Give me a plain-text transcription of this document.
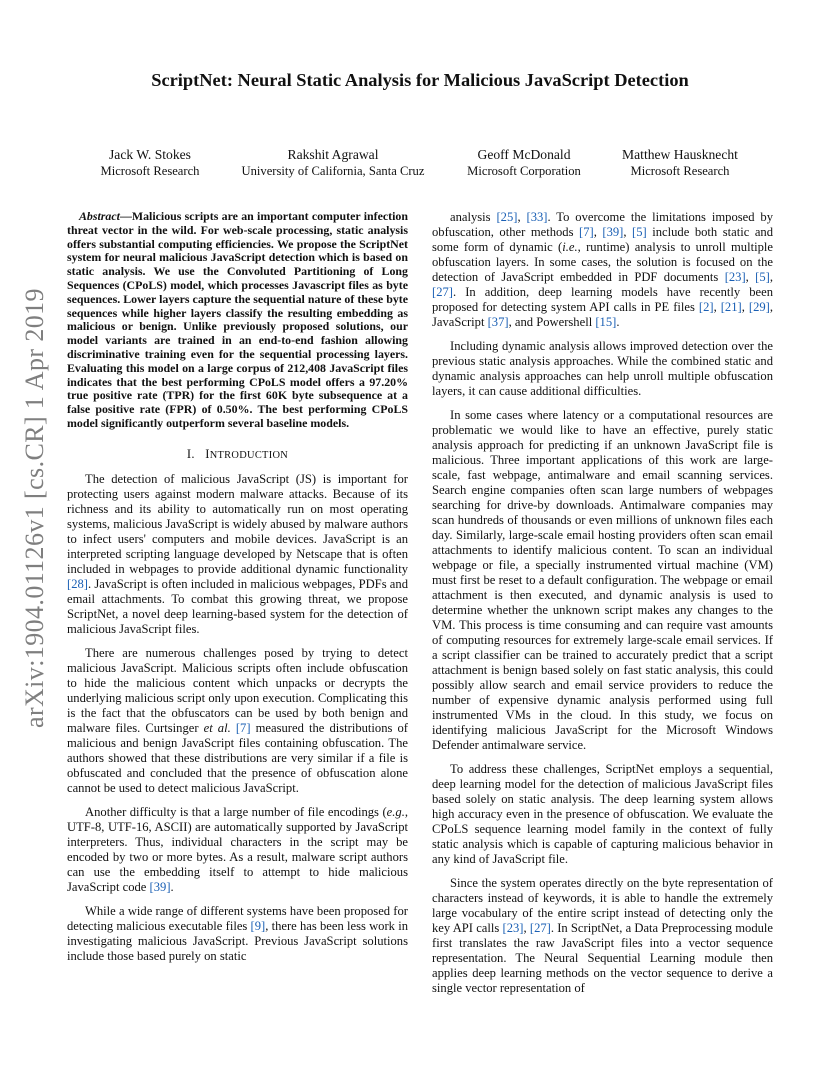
arXiv:1904.01126v1 [cs.CR] 1 Apr 2019
ScriptNet: Neural Static Analysis for Malicious JavaScript Detection
Jack W. Stokes
Microsoft Research
Rakshit Agrawal
University of California, Santa Cruz
Geoff McDonald
Microsoft Corporation
Matthew Hausknecht
Microsoft Research

Abstract—Malicious scripts are an important computer infection threat vector in the wild. For web-scale processing, static analysis offers substantial computing efficiencies. We propose the ScriptNet system for neural malicious JavaScript detection which is based on static analysis. We use the Convoluted Partitioning of Long Sequences (CPoLS) model, which processes Javascript files as byte sequences. Lower layers capture the sequential nature of these byte sequences while higher layers classify the resulting embedding as malicious or benign. Unlike previously proposed solutions, our model variants are trained in an end-to-end fashion allowing discriminative training even for the sequential processing layers. Evaluating this model on a large corpus of 212,408 JavaScript files indicates that the best performing CPoLS model offers a 97.20% true positive rate (TPR) for the first 60K byte subsequence at a false positive rate (FPR) of 0.50%. The best performing CPoLS model significantly outperform several baseline models.

I. INTRODUCTION

The detection of malicious JavaScript (JS) is important for protecting users against modern malware attacks. Because of its richness and its ability to automatically run on most operating systems, malicious JavaScript is widely abused by malware authors to infect users' computers and mobile devices. JavaScript is an interpreted scripting language developed by Netscape that is often included in webpages to provide additional dynamic functionality [28]. JavaScript is often included in malicious webpages, PDFs and email attachments. To combat this growing threat, we propose ScriptNet, a novel deep learning-based system for the detection of malicious JavaScript files.

There are numerous challenges posed by trying to detect malicious JavaScript. Malicious scripts often include obfuscation to hide the malicious content which unpacks or decrypts the underlying malicious script only upon execution. Complicating this is the fact that the obfuscators can be used by both benign and malware files. Curtsinger et al. [7] measured the distributions of malicious and benign JavaScript files containing obfuscation. The authors showed that these distributions are very similar if a file is obfuscated and concluded that the presence of obfuscation alone cannot be used to detect malicious JavaScript.

Another difficulty is that a large number of file encodings (e.g., UTF-8, UTF-16, ASCII) are automatically supported by JavaScript interpreters. Thus, individual characters in the script may be encoded by two or more bytes. As a result, malware script authors can use the embedding itself to attempt to hide malicious JavaScript code [39].

While a wide range of different systems have been proposed for detecting malicious executable files [9], there has been less work in investigating malicious JavaScript. Previous JavaScript solutions include those based purely on static

analysis [25], [33]. To overcome the limitations imposed by obfuscation, other methods [7], [39], [5] include both static and some form of dynamic (i.e., runtime) analysis to unroll multiple obfuscation layers. In some cases, the solution is focused on the detection of JavaScript embedded in PDF documents [23], [5], [27]. In addition, deep learning models have recently been proposed for detecting system API calls in PE files [2], [21], [29], JavaScript [37], and Powershell [15].

Including dynamic analysis allows improved detection over the previous static analysis approaches. While the combined static and dynamic analysis approaches can help unroll multiple obfuscation layers, it can cause additional difficulties.

In some cases where latency or a computational resources are problematic we would like to have an effective, purely static analysis approach for predicting if an unknown JavaScript file is malicious. Three important applications of this work are large-scale, fast webpage, antimalware and email scanning services. Search engine companies often scan large numbers of webpages searching for drive-by downloads. Antimalware companies may scan hundreds of thousands or even millions of unknown files each day. Similarly, large-scale email hosting providers often scan email attachments to identify malicious content. To scan an individual webpage or file, a specially instrumented virtual machine (VM) must first be reset to a default configuration. The webpage or email attachment is then executed, and dynamic analysis is used to determine whether the unknown script makes any changes to the VM. This process is time consuming and can require vast amounts of computing resources for extremely large-scale email services. If a script classifier can be trained to accurately predict that a script attachment is benign based solely on fast static analysis, this could possibly allow search and email service providers to reduce the number of expensive dynamic analysis performed using full instrumented VMs in the cloud. In this study, we focus on identifying malicious JavaScript for the Microsoft Windows Defender antimalware service.

To address these challenges, ScriptNet employs a sequential, deep learning model for the detection of malicious JavaScript files based solely on static analysis. The deep learning system allows high accuracy even in the presence of obfuscation. We evaluate the CPoLS sequence learning model family in the context of fully static analysis which is capable of capturing malicious behavior in any kind of JavaScript file.

Since the system operates directly on the byte representation of characters instead of keywords, it is able to handle the extremely large vocabulary of the entire script instead of detecting only the key API calls [23], [27]. In ScriptNet, a Data Preprocessing module first translates the raw JavaScript files into a vector sequence representation. The Neural Sequential Learning module then applies deep learning methods on the vector sequence to derive a single vector representation of
